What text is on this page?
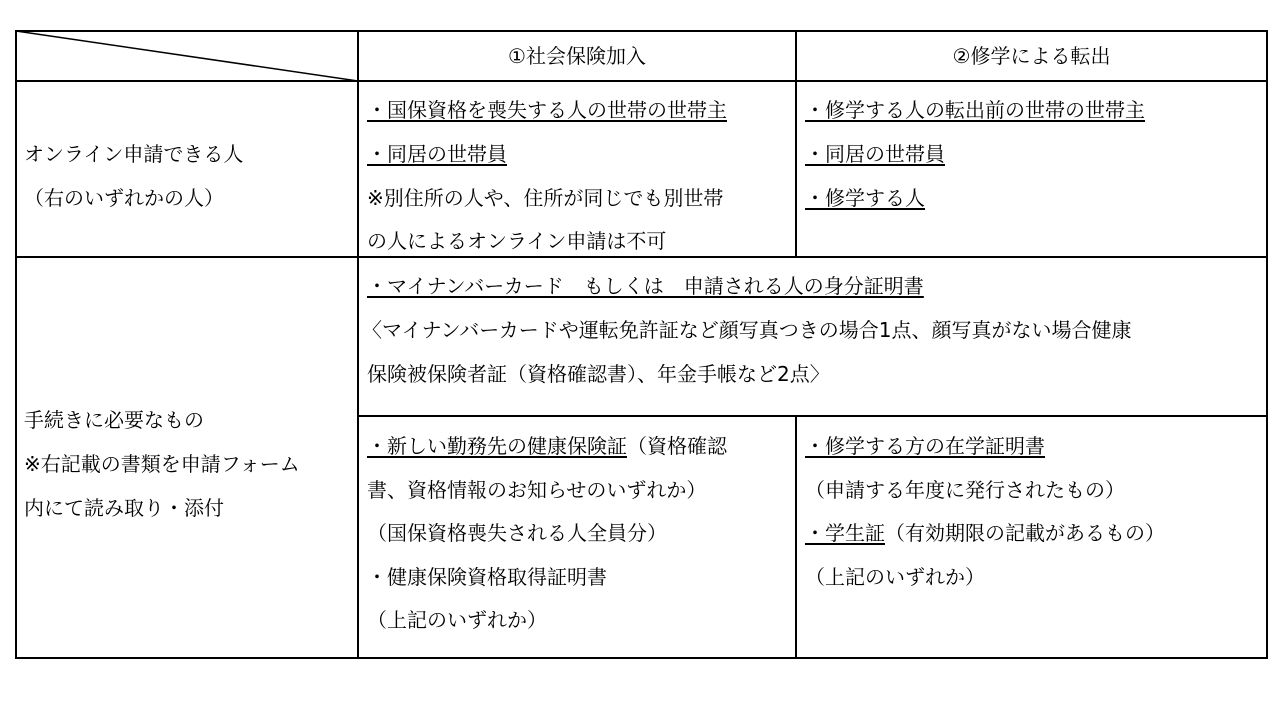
①社会保険加入	②修学による転出
オンライン申請できる人
（右のいずれかの人）
・国保資格を喪失する人の世帯の世帯主
・同居の世帯員
※別住所の人や、住所が同じでも別世帯
の人によるオンライン申請は不可
・修学する人の転出前の世帯の世帯主
・同居の世帯員
・修学する人
手続きに必要なもの
※右記載の書類を申請フォーム
内にて読み取り・添付
・マイナンバーカード　もしくは　申請される人の身分証明書
〈マイナンバーカードや運転免許証など顔写真つきの場合1点、顔写真がない場合健康
保険被保険者証（資格確認書）、年金手帳など2点〉
・新しい勤務先の健康保険証（資格確認
書、資格情報のお知らせのいずれか）
（国保資格喪失される人全員分）
・健康保険資格取得証明書
（上記のいずれか）
・修学する方の在学証明書
（申請する年度に発行されたもの）
・学生証（有効期限の記載があるもの）
（上記のいずれか）
